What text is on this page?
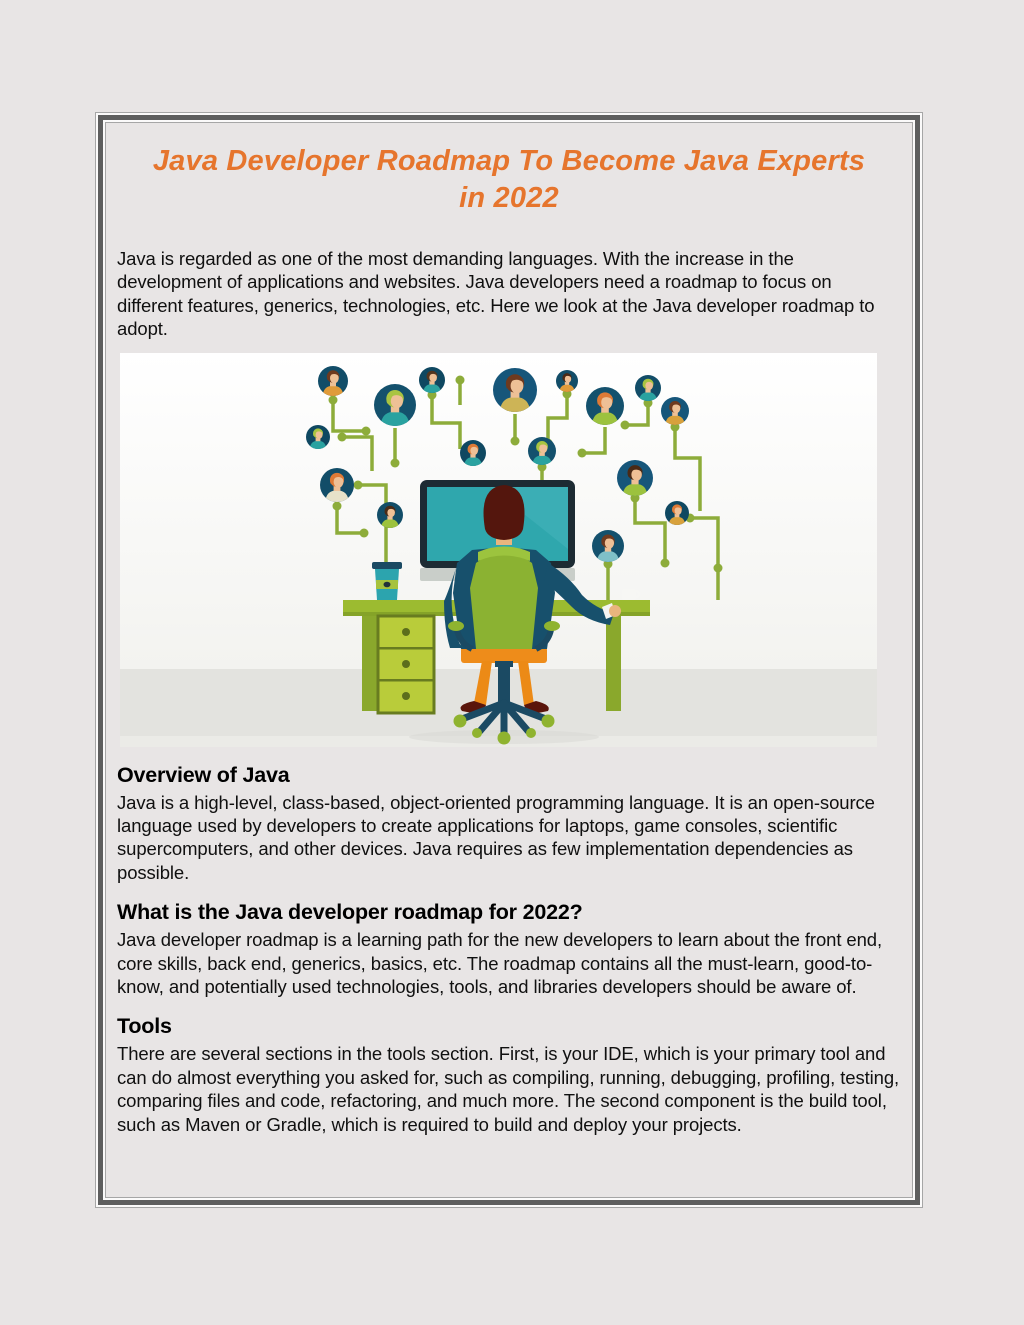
Java Developer Roadmap To Become Java Experts
in 2022

Java is regarded as one of the most demanding languages. With the increase in the development of applications and websites. Java developers need a roadmap to focus on different features, generics, technologies, etc. Here we look at the Java developer roadmap to adopt.

Overview of Java

Java is a high-level, class-based, object-oriented programming language. It is an open-source language used by developers to create applications for laptops, game consoles, scientific supercomputers, and other devices. Java requires as few implementation dependencies as possible.

What is the Java developer roadmap for 2022?

Java developer roadmap is a learning path for the new developers to learn about the front end, core skills, back end, generics, basics, etc. The roadmap contains all the must-learn, good-to-know, and potentially used technologies, tools, and libraries developers should be aware of.

Tools

There are several sections in the tools section. First, is your IDE, which is your primary tool and can do almost everything you asked for, such as compiling, running, debugging, profiling, testing, comparing files and code, refactoring, and much more. The second component is the build tool, such as Maven or Gradle, which is required to build and deploy your projects.
